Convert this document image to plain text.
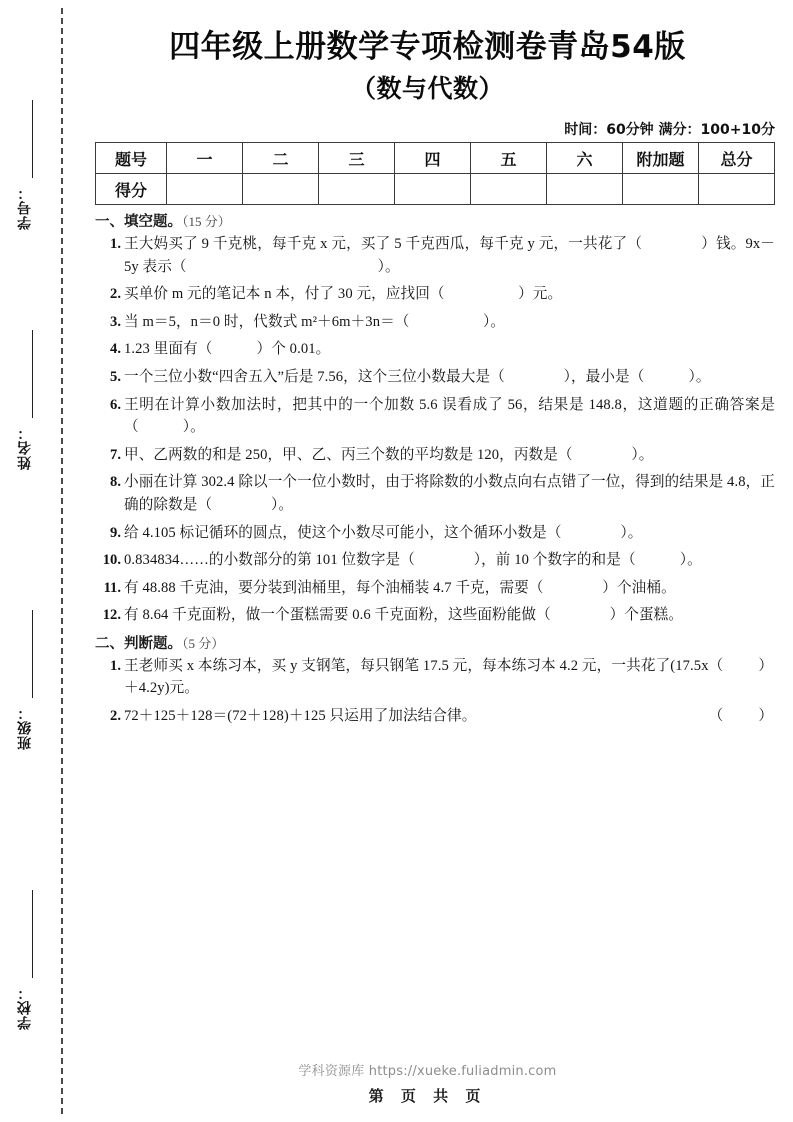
学号：
姓名：
班级：
学校：
四年级上册数学专项检测卷青岛54版
（数与代数）
时间：60分钟 满分：100+10分
题号	一	二	三	四	五	六	附加题	总分
得分								
一、填空题。（15 分）
1. 王大妈买了 9 千克桃，每千克 x 元，买了 5 千克西瓜，每千克 y 元，一共花了（　　　　）钱。9x－5y 表示（　　　　　　　　　　　　　）。
2. 买单价 m 元的笔记本 n 本，付了 30 元，应找回（　　　　　）元。
3. 当 m＝5，n＝0 时，代数式 m²＋6m＋3n＝（　　　　　）。
4. 1.23 里面有（　　　）个 0.01。
5. 一个三位小数“四舍五入”后是 7.56，这个三位小数最大是（　　　　），最小是（　　　）。
6. 王明在计算小数加法时，把其中的一个加数 5.6 误看成了 56，结果是 148.8，这道题的正确答案是（　　　）。
7. 甲、乙两数的和是 250，甲、乙、丙三个数的平均数是 120，丙数是（　　　　）。
8. 小丽在计算 302.4 除以一个一位小数时，由于将除数的小数点向右点错了一位，得到的结果是 4.8，正确的除数是（　　　　）。
9. 给 4.105 标记循环的圆点，使这个小数尽可能小，这个循环小数是（　　　　）。
10. 0.834834……的小数部分的第 101 位数字是（　　　　），前 10 个数字的和是（　　　）。
11. 有 48.88 千克油，要分装到油桶里，每个油桶装 4.7 千克，需要（　　　　）个油桶。
12. 有 8.64 千克面粉，做一个蛋糕需要 0.6 千克面粉，这些面粉能做（　　　　）个蛋糕。
二、判断题。（5 分）
1.	（　　）
王老师买 x 本练习本，买 y 支钢笔，每只钢笔 17.5 元，每本练习本 4.2 元，一共花了(17.5x＋4.2y)元。
2.	（　　）
72＋125＋128＝(72＋128)＋125 只运用了加法结合律。
学科资源库 https://xueke.fuliadmin.com
第 页 共 页
